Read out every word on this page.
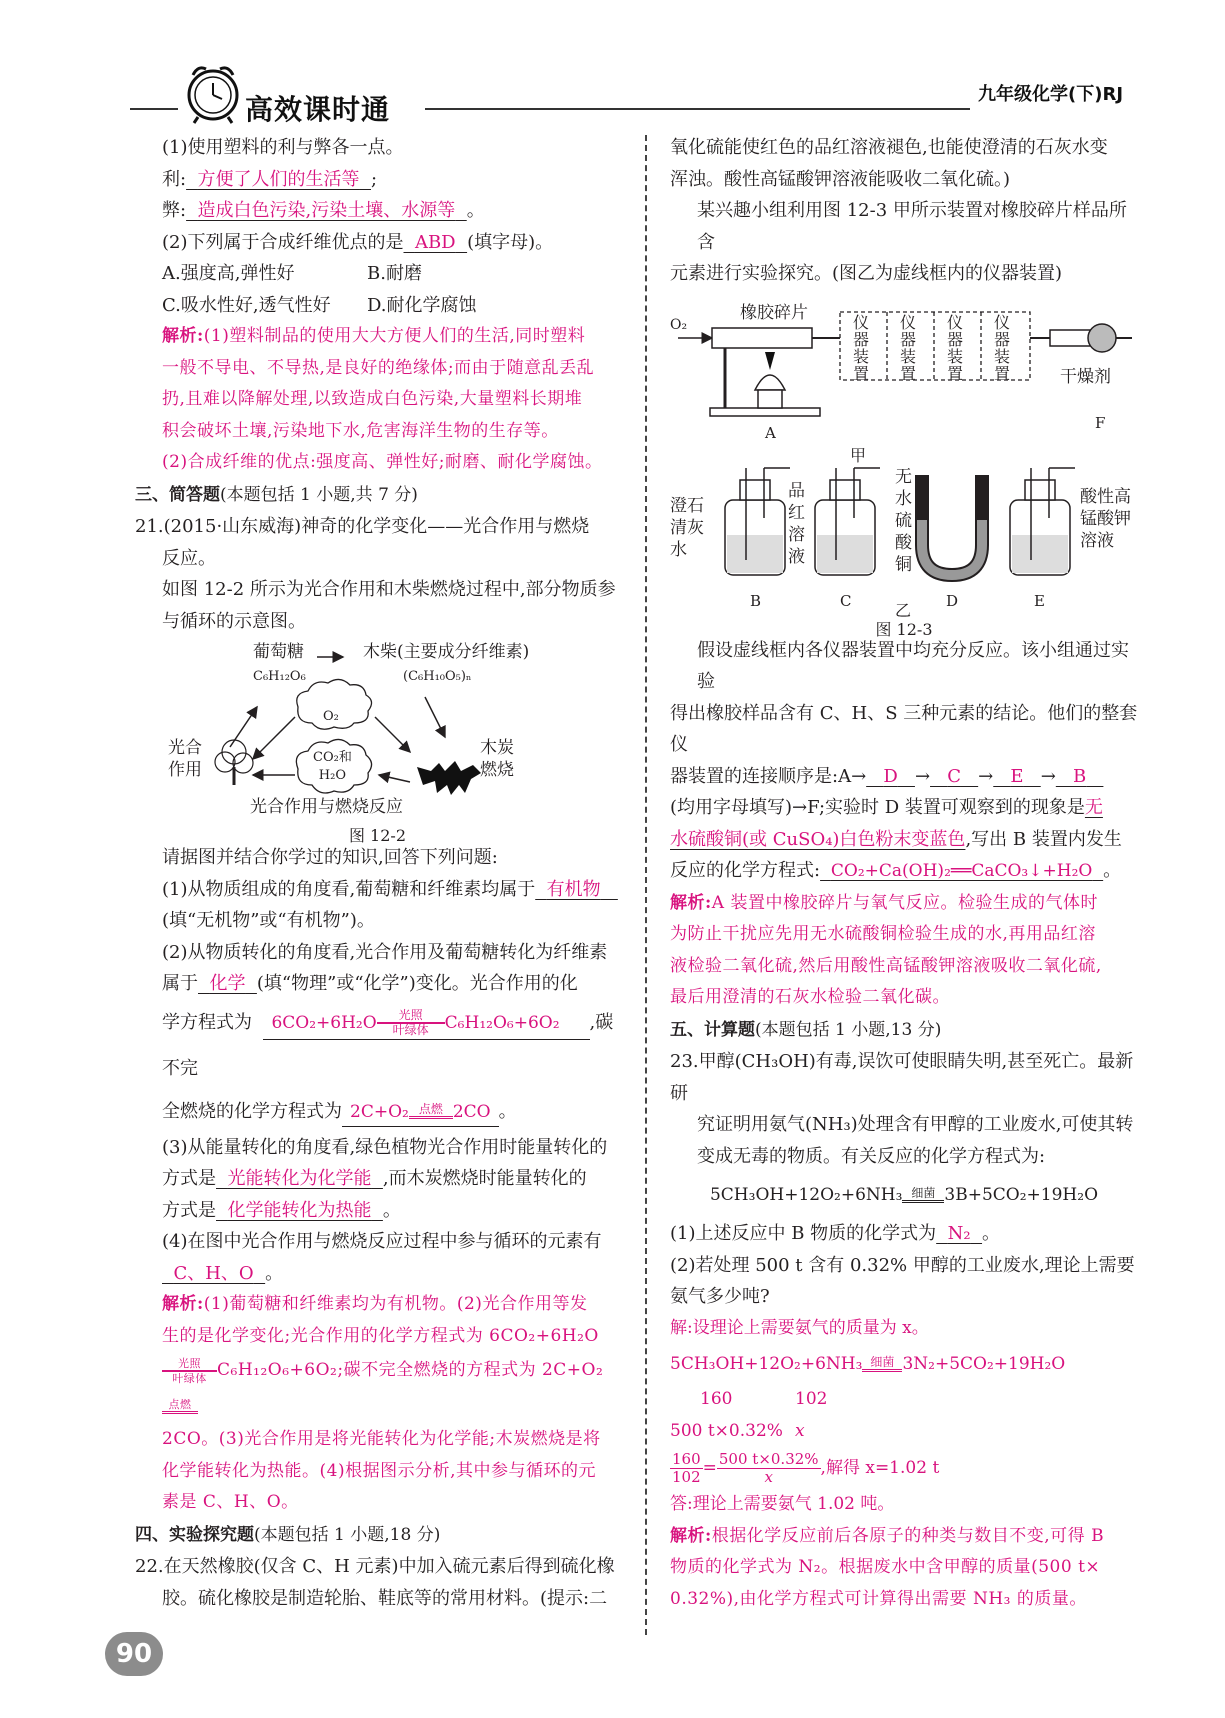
高效课时通	九年级化学(下)RJ

(1)使用塑料的利与弊各一点。

利: 方便了人们的生活等 ;

弊: 造成白色污染,污染土壤、水源等 。

(2)下列属于合成纤维优点的是 ABD (填字母)。

A.强度高,弹性好	B.耐磨

C.吸水性好,透气性好 D.耐化学腐蚀

解析:(1)塑料制品的使用大大方便人们的生活,同时塑料

一般不导电、不导热,是良好的绝缘体;而由于随意乱丢乱

扔,且难以降解处理,以致造成白色污染,大量塑料长期堆

积会破坏土壤,污染地下水,危害海洋生物的生存等。

(2)合成纤维的优点:强度高、弹性好;耐磨、耐化学腐蚀。

三、简答题(本题包括 1 小题,共 7 分)

21.(2015·山东威海)神奇的化学变化——光合作用与燃烧

反应。

如图 12-2 所示为光合作用和木柴燃烧过程中,部分物质参

与循环的示意图。

葡萄糖
C₆H₁₂O₆
木柴(主要成分纤维素)
(C₆H₁₀O₅)ₙ
O₂
CO₂和
H₂O
光合
作用
木炭
燃烧
光合作用与燃烧反应
图 12-2

请据图并结合你学过的知识,回答下列问题:

(1)从物质组成的角度看,葡萄糖和纤维素均属于 有机物

(填“无机物”或“有机物”)。

(2)从物质转化的角度看,光合作用及葡萄糖转化为纤维素

属于 化学 (填“物理”或“化学”)变化。光合作用的化

学方程式为 6CO₂+6H₂O	光照
叶绿体 C₆H₁₂O₆+6O₂ ,碳不完

全燃烧的化学方程式为 2C+O₂ 点燃 2CO 。

(3)从能量转化的角度看,绿色植物光合作用时能量转化的

方式是 光能转化为化学能 ,而木炭燃烧时能量转化的

方式是 化学能转化为热能 。

(4)在图中光合作用与燃烧反应过程中参与循环的元素有

C、H、O 。

解析:(1)葡萄糖和纤维素均为有机物。(2)光合作用等发

生的是化学变化;光合作用的化学方程式为 6CO₂+6H₂O

光照
叶绿体 C₆H₁₂O₆+6O₂;碳不完全燃烧的方程式为 2C+O₂
点燃

2CO。(3)光合作用是将光能转化为化学能;木炭燃烧是将

化学能转化为热能。(4)根据图示分析,其中参与循环的元

素是 C、H、O。

四、实验探究题(本题包括 1 小题,18 分)

22.在天然橡胶(仅含 C、H 元素)中加入硫元素后得到硫化橡

胶。硫化橡胶是制造轮胎、鞋底等的常用材料。(提示:二

氧化硫能使红色的品红溶液褪色,也能使澄清的石灰水变

浑浊。酸性高锰酸钾溶液能吸收二氧化硫。)

某兴趣小组利用图 12-3 甲所示装置对橡胶碎片样品所含

元素进行实验探究。(图乙为虚线框内的仪器装置)

O₂
橡胶碎片	仪器装置
仪器装置
仪器装置
仪器装置	干燥剂
A
F
甲
澄石清灰水
品红溶液
无水硫酸铜
酸性高锰酸钾溶液
B	C	D	E
乙
图 12-3

假设虚线框内各仪器装置中均充分反应。该小组通过实验

得出橡胶样品含有 C、H、S 三种元素的结论。他们的整套仪

器装置的连接顺序是:A→ D → C → E → B

(均用字母填写)→F;实验时 D 装置可观察到的现象是无

水硫酸铜(或 CuSO₄)白色粉末变蓝色,写出 B 装置内发生

反应的化学方程式: CO₂+Ca(OH)₂══CaCO₃↓+H₂O 。

解析:A 装置中橡胶碎片与氧气反应。检验生成的气体时

为防止干扰应先用无水硫酸铜检验生成的水,再用品红溶

液检验二氧化硫,然后用酸性高锰酸钾溶液吸收二氧化硫,

最后用澄清的石灰水检验二氧化碳。

五、计算题(本题包括 1 小题,13 分)

23.甲醇(CH₃OH)有毒,误饮可使眼睛失明,甚至死亡。最新研

究证明用氨气(NH₃)处理含有甲醇的工业废水,可使其转

变成无毒的物质。有关反应的化学方程式为:

5CH₃OH+12O₂+6NH₃ 细菌 3B+5CO₂+19H₂O

(1)上述反应中 B 物质的化学式为 N₂ 。

(2)若处理 500 t 含有 0.32% 甲醇的工业废水,理论上需要

氨气多少吨?

解:设理论上需要氨气的质量为 x。

5CH₃OH+12O₂+6NH₃ 细菌 3N₂+5CO₂+19H₂O

160	102

500 t×0.32% x

$\frac{160}{102}= \frac{500 t\times 0.32\%}{x}$,解得 x=1.02 t

答:理论上需要氨气 1.02 吨。

解析:根据化学反应前后各原子的种类与数目不变,可得 B

物质的化学式为 N₂。根据废水中含甲醇的质量(500 t×

0.32%),由化学方程式可计算得出需要 NH₃ 的质量。

90
